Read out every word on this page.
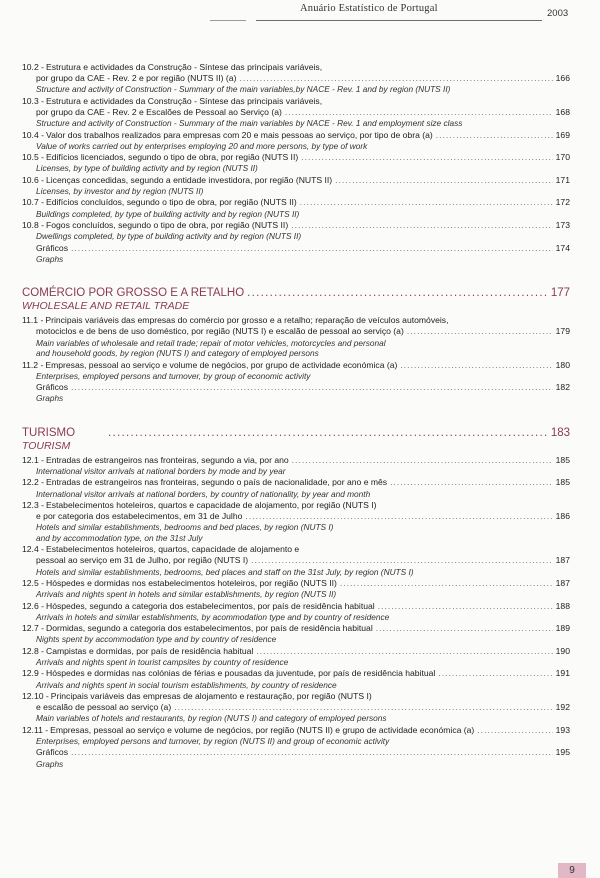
Anuário Estatístico de Portugal	2003
10.2 - Estrutura e actividades da Construção - Síntese das principais variáveis,
por grupo da CAE - Rev. 2 e por região (NUTS II) (a) .....	166
Structure and activity of Construction - Summary of the main variables,by NACE - Rev. 1 and by region (NUTS II)
10.3 - Estrutura e actividades da Construção - Síntese das principais variáveis,
por grupo da CAE - Rev. 2 e Escalões de Pessoal ao Serviço (a) .....	168
Structure and activity of Construction - Summary of the main variables by NACE - Rev. 1 and employment size class
10.4 - Valor dos trabalhos realizados para empresas com 20 e mais pessoas ao serviço, por tipo de obra (a) .....	169
Value of works carried out by enterprises employing 20 and more persons, by type of work
10.5 - Edifícios licenciados, segundo o tipo de obra, por região (NUTS II) .....	170
Licenses, by type of building activity and by region (NUTS II)
10.6 - Licenças concedidas, segundo a entidade investidora, por região (NUTS II) .....	171
Licenses, by investor and by region (NUTS II)
10.7 - Edifícios concluídos, segundo o tipo de obra, por região (NUTS II) .....	172
Buildings completed, by type of building activity and by region (NUTS II)
10.8 - Fogos concluídos, segundo o tipo de obra, por região (NUTS II) .....	173
Dwellings completed, by type of building activity and by region (NUTS II)
Gráficos .....	174
Graphs
COMÉRCIO POR GROSSO E A RETALHO .....	177
WHOLESALE AND RETAIL TRADE
11.1 - Principais variáveis das empresas do comércio por grosso e a retalho; reparação de veículos automóveis,
motociclos e de bens de uso doméstico, por região (NUTS I) e escalão de pessoal ao serviço (a) .....	179
Main variables of wholesale and retail trade; repair of motor vehicles, motorcycles and personal
and household goods, by region (NUTS I) and category of employed persons
11.2 - Empresas, pessoal ao serviço e volume de negócios, por grupo de actividade económica (a) .....	180
Enterprises, employed persons and turnover, by group of economic activity
Gráficos .....	182
Graphs
TURISMO .....	183
TOURISM
12.1 - Entradas de estrangeiros nas fronteiras, segundo a via, por ano .....	185
International visitor arrivals at national borders by mode and by year
12.2 - Entradas de estrangeiros nas fronteiras, segundo o país de nacionalidade, por ano e mês .....	185
International visitor arrivals at national borders, by country of nationality, by year and month
12.3 - Estabelecimentos hoteleiros, quartos e capacidade de alojamento, por região (NUTS I)
e por categoria dos estabelecimentos, em 31 de Julho .....	186
Hotels and similar establishments, bedrooms and bed places, by region (NUTS I)
and by accommodation type, on the 31st July
12.4 - Estabelecimentos hoteleiros, quartos, capacidade de alojamento e
pessoal ao serviço em 31 de Julho, por região (NUTS I) .....	187
Hotels and similar establishments, bedrooms, bed places and staff on the 31st July, by region (NUTS I)
12.5 - Hóspedes e dormidas nos estabelecimentos hoteleiros, por região (NUTS II) .....	187
Arrivals and nights spent in hotels and similar establishments, by region (NUTS II)
12.6 - Hóspedes, segundo a categoria dos estabelecimentos, por país de residência habitual .....	188
Arrivals in hotels and similar establishments, by acommodation type and by country of residence
12.7 - Dormidas, segundo a categoria dos estabelecimentos, por país de residência habitual .....	189
Nights spent by accommodation type and by country of residence
12.8 - Campistas e dormidas, por país de residência habitual .....	190
Arrivals and nights spent in tourist campsites by country of residence
12.9 - Hóspedes e dormidas nas colónias de férias e pousadas da juventude, por país de residência habitual .....	191
Arrivals and nights spent in social tourism establishments, by country of residence
12.10 - Principais variáveis das empresas de alojamento e restauração, por região (NUTS I)
e escalão de pessoal ao serviço (a) .....	192
Main variables of hotels and restaurants, by region (NUTS I) and category of employed persons
12.11 - Empresas, pessoal ao serviço e volume de negócios, por região (NUTS II) e grupo de actividade económica (a) .....	193
Enterprises, employed persons and turnover, by region (NUTS II) and group of economic activity
Gráficos .....	195
Graphs
9
